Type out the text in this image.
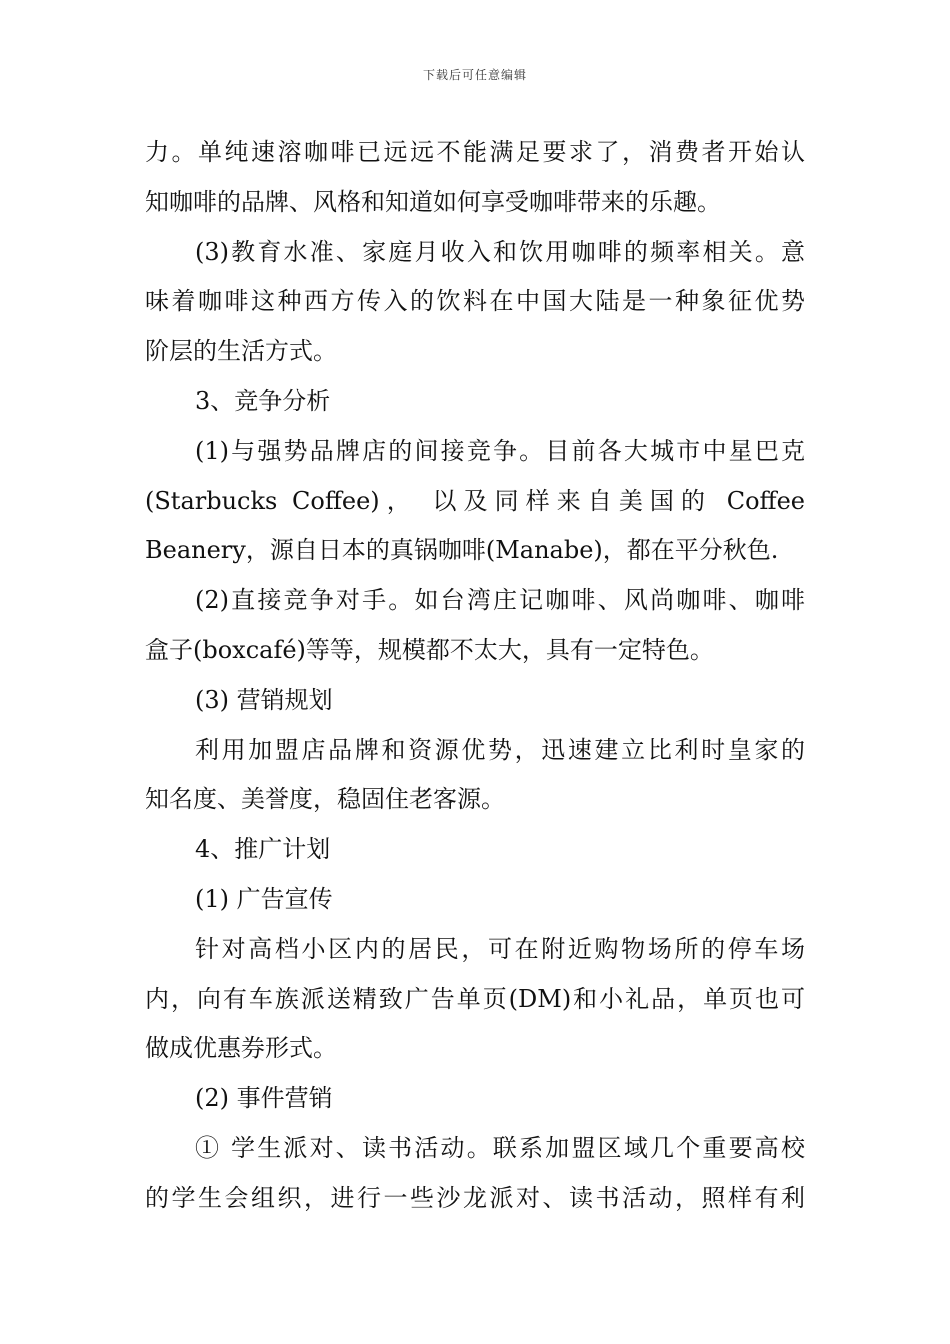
下载后可任意编辑

力。单纯速溶咖啡已远远不能满足要求了，消费者开始认

知咖啡的品牌、风格和知道如何享受咖啡带来的乐趣。

(3)教育水准、家庭月收入和饮用咖啡的频率相关。意

味着咖啡这种西方传入的饮料在中国大陆是一种象征优势

阶层的生活方式。

3、竞争分析

(1)与强势品牌店的间接竞争。目前各大城市中星巴克

(Starbucks Coffee)， 以及同样来自美国的 Coffee

Beanery，源自日本的真锅咖啡(Manabe)，都在平分秋色.

(2)直接竞争对手。如台湾庄记咖啡、风尚咖啡、咖啡

盒子(boxcafé)等等，规模都不太大，具有一定特色。

(3) 营销规划

利用加盟店品牌和资源优势，迅速建立比利时皇家的

知名度、美誉度，稳固住老客源。

4、推广计划

(1) 广告宣传

针对高档小区内的居民，可在附近购物场所的停车场

内，向有车族派送精致广告单页(DM)和小礼品，单页也可

做成优惠券形式。

(2) 事件营销

① 学生派对、读书活动。联系加盟区域几个重要高校

的学生会组织，进行一些沙龙派对、读书活动，照样有利
